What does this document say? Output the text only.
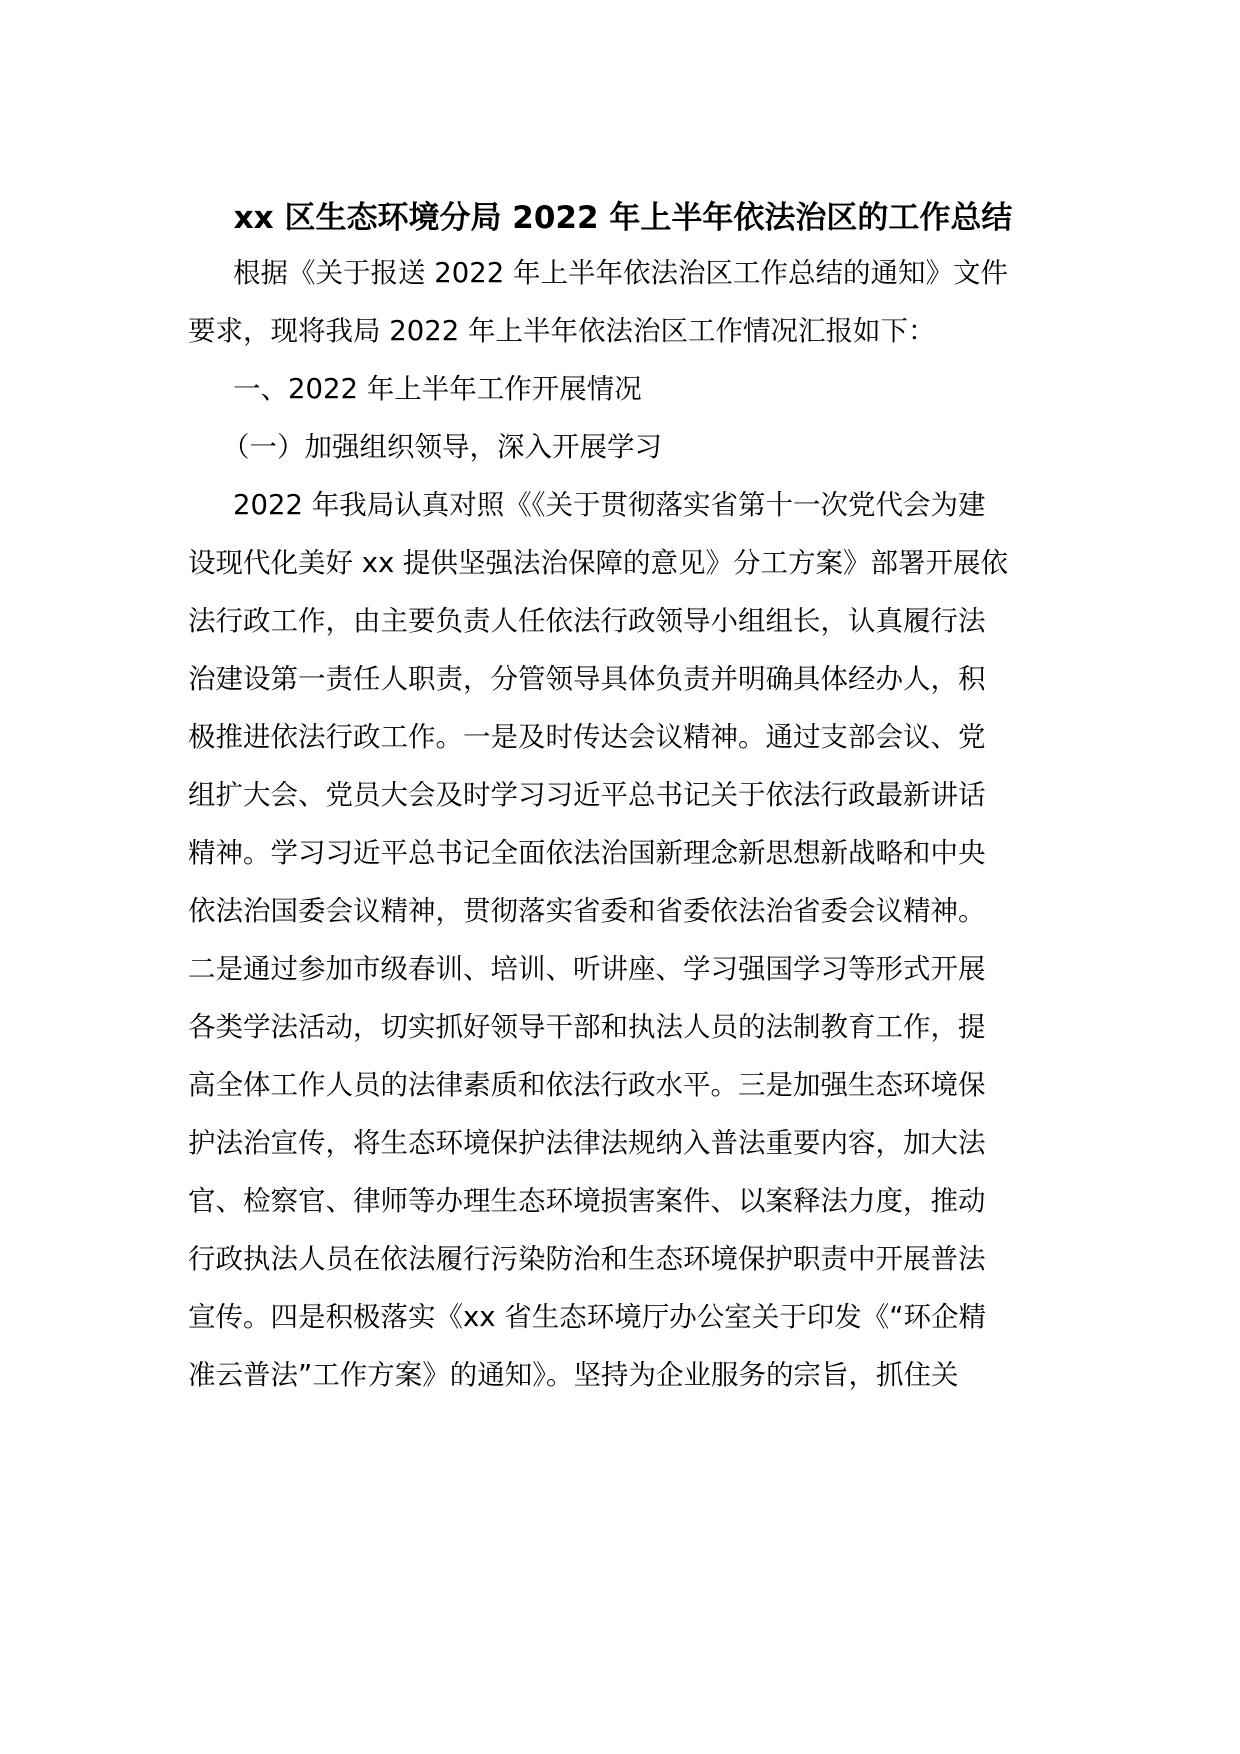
xx 区生态环境分局 2022 年上半年依法治区的工作总结

根据《关于报送 2022 年上半年依法治区工作总结的通知》文件

要求，现将我局 2022 年上半年依法治区工作情况汇报如下：

一、2022 年上半年工作开展情况

（一）加强组织领导，深入开展学习

2022 年我局认真对照《《关于贯彻落实省第十一次党代会为建

设现代化美好 xx 提供坚强法治保障的意见》分工方案》部署开展依

法行政工作，由主要负责人任依法行政领导小组组长，认真履行法

治建设第一责任人职责，分管领导具体负责并明确具体经办人，积

极推进依法行政工作。一是及时传达会议精神。通过支部会议、党

组扩大会、党员大会及时学习习近平总书记关于依法行政最新讲话

精神。学习习近平总书记全面依法治国新理念新思想新战略和中央

依法治国委会议精神，贯彻落实省委和省委依法治省委会议精神。

二是通过参加市级春训、培训、听讲座、学习强国学习等形式开展

各类学法活动，切实抓好领导干部和执法人员的法制教育工作，提

高全体工作人员的法律素质和依法行政水平。三是加强生态环境保

护法治宣传，将生态环境保护法律法规纳入普法重要内容，加大法

官、检察官、律师等办理生态环境损害案件、以案释法力度，推动

行政执法人员在依法履行污染防治和生态环境保护职责中开展普法

宣传。四是积极落实《xx 省生态环境厅办公室关于印发《“环企精

准云普法”工作方案》的通知》。坚持为企业服务的宗旨，抓住关
